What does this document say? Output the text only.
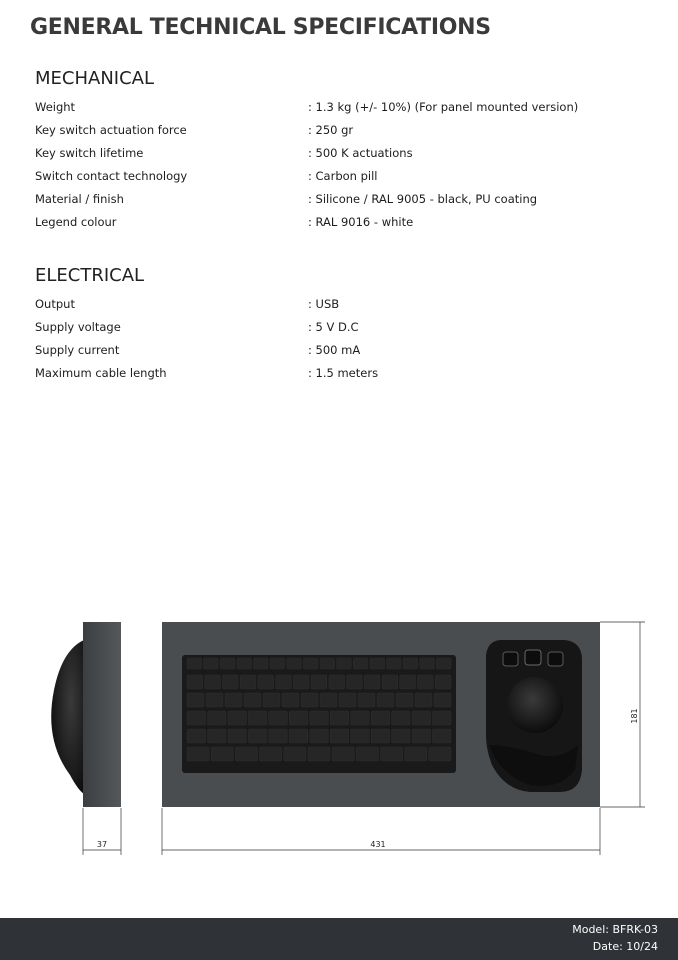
GENERAL TECHNICAL SPECIFICATIONS
MECHANICAL
Weight	: 1.3 kg (+/- 10%) (For panel mounted version)
Key switch actuation force	: 250 gr
Key switch lifetime	: 500 K actuations
Switch contact technology	: Carbon pill
Material / finish	: Silicone / RAL 9005 - black, PU coating
Legend colour	: RAL 9016 - white
ELECTRICAL
Output	: USB
Supply voltage	: 5 V D.C
Supply current	: 500 mA
Maximum cable length	: 1.5 meters
37	431
181
Model: BFRK-03
Date: 10/24
